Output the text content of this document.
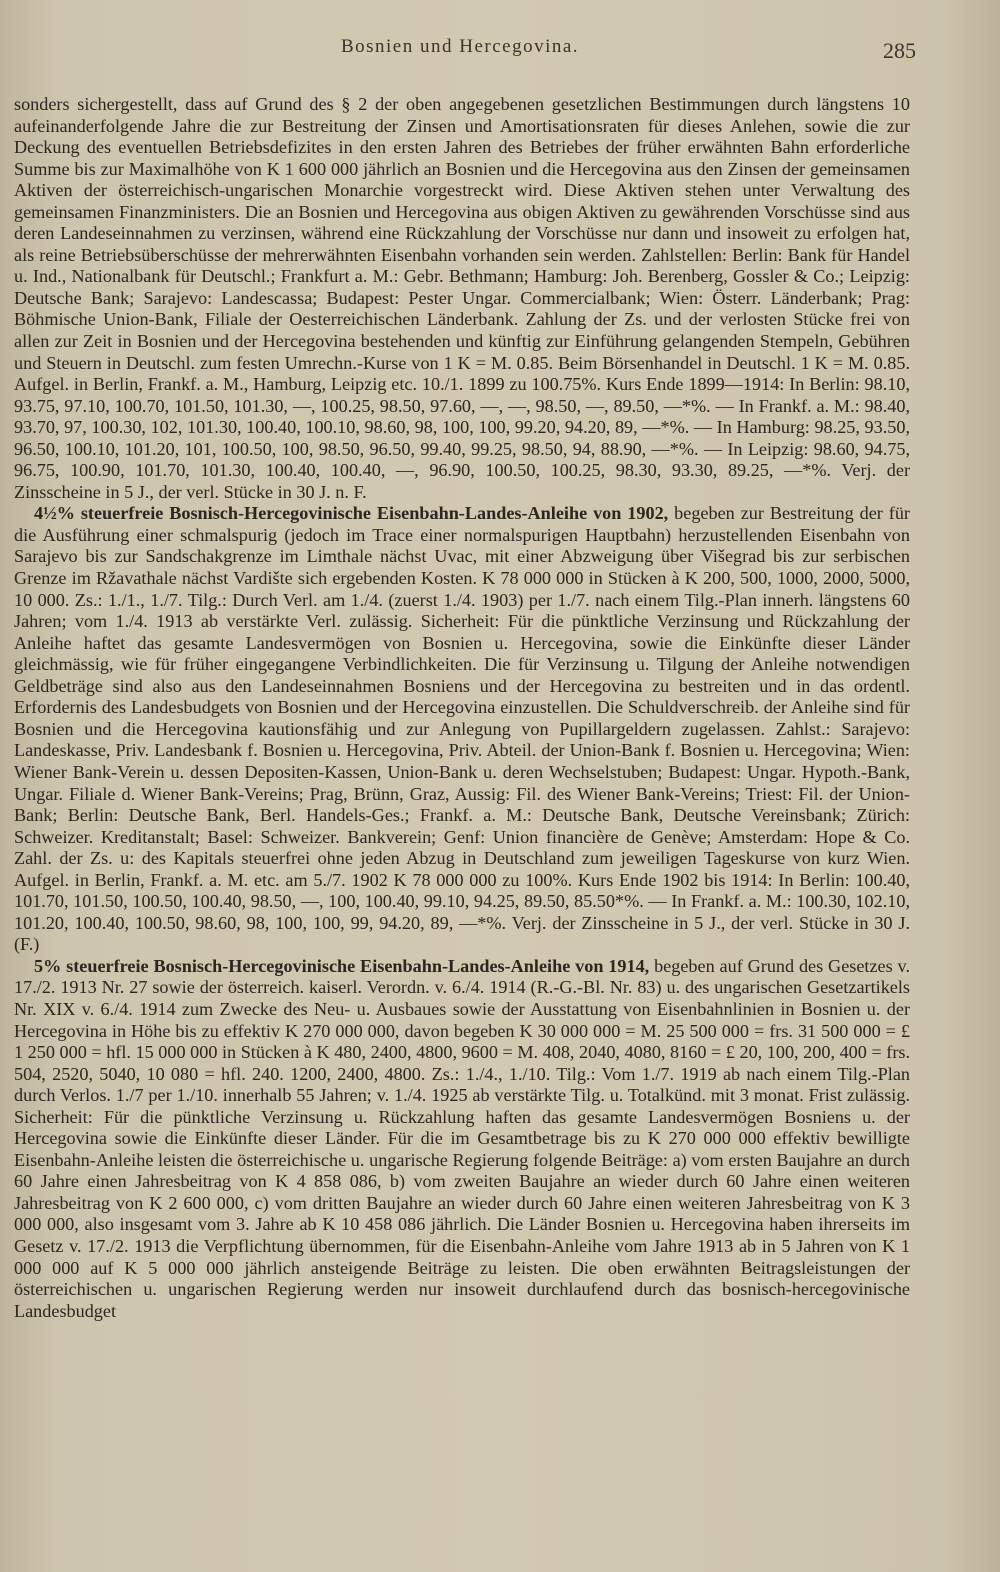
Bosnien und Hercegovina.	285

sonders sichergestellt, dass auf Grund des § 2 der oben angegebenen gesetzlichen Bestimmungen durch längstens 10 aufeinanderfolgende Jahre die zur Bestreitung der Zinsen und Amortisationsraten für dieses Anlehen, sowie die zur Deckung des eventuellen Betriebsdefizites in den ersten Jahren des Betriebes der früher erwähnten Bahn erforderliche Summe bis zur Maximalhöhe von K 1 600 000 jährlich an Bosnien und die Hercegovina aus den Zinsen der gemeinsamen Aktiven der österreichisch-ungarischen Monarchie vorgestreckt wird. Diese Aktiven stehen unter Verwaltung des gemeinsamen Finanzministers. Die an Bosnien und Hercegovina aus obigen Aktiven zu gewährenden Vorschüsse sind aus deren Landeseinnahmen zu verzinsen, während eine Rückzahlung der Vorschüsse nur dann und insoweit zu erfolgen hat, als reine Betriebsüberschüsse der mehrerwähnten Eisenbahn vorhanden sein werden. Zahlstellen: Berlin: Bank für Handel u. Ind., Nationalbank für Deutschl.; Frankfurt a. M.: Gebr. Bethmann; Hamburg: Joh. Berenberg, Gossler & Co.; Leipzig: Deutsche Bank; Sarajevo: Landescassa; Budapest: Pester Ungar. Commercialbank; Wien: Österr. Länderbank; Prag: Böhmische Union-Bank, Filiale der Oesterreichischen Länderbank. Zahlung der Zs. und der verlosten Stücke frei von allen zur Zeit in Bosnien und der Hercegovina bestehenden und künftig zur Einführung gelangenden Stempeln, Gebühren und Steuern in Deutschl. zum festen Umrechn.-Kurse von 1 K = M. 0.85. Beim Börsenhandel in Deutschl. 1 K = M. 0.85. Aufgel. in Berlin, Frankf. a. M., Hamburg, Leipzig etc. 10./1. 1899 zu 100.75%. Kurs Ende 1899—1914: In Berlin: 98.10, 93.75, 97.10, 100.70, 101.50, 101.30, —, 100.25, 98.50, 97.60, —, —, 98.50, —, 89.50, —*%. — In Frankf. a. M.: 98.40, 93.70, 97, 100.30, 102, 101.30, 100.40, 100.10, 98.60, 98, 100, 100, 99.20, 94.20, 89, —*%. — In Hamburg: 98.25, 93.50, 96.50, 100.10, 101.20, 101, 100.50, 100, 98.50, 96.50, 99.40, 99.25, 98.50, 94, 88.90, —*%. — In Leipzig: 98.60, 94.75, 96.75, 100.90, 101.70, 101.30, 100.40, 100.40, —, 96.90, 100.50, 100.25, 98.30, 93.30, 89.25, —*%. Verj. der Zinsscheine in 5 J., der verl. Stücke in 30 J. n. F.

4½% steuerfreie Bosnisch-Hercegovinische Eisenbahn-Landes-Anleihe von 1902, begeben zur Bestreitung der für die Ausführung einer schmalspurig (jedoch im Trace einer normalspurigen Hauptbahn) herzustellenden Eisenbahn von Sarajevo bis zur Sandschakgrenze im Limthale nächst Uvac, mit einer Abzweigung über Višegrad bis zur serbischen Grenze im Ržavathale nächst Vardište sich ergebenden Kosten. K 78 000 000 in Stücken à K 200, 500, 1000, 2000, 5000, 10 000. Zs.: 1./1., 1./7. Tilg.: Durch Verl. am 1./4. (zuerst 1./4. 1903) per 1./7. nach einem Tilg.-Plan innerh. längstens 60 Jahren; vom 1./4. 1913 ab verstärkte Verl. zulässig. Sicherheit: Für die pünktliche Verzinsung und Rückzahlung der Anleihe haftet das gesamte Landesvermögen von Bosnien u. Hercegovina, sowie die Einkünfte dieser Länder gleichmässig, wie für früher eingegangene Verbindlichkeiten. Die für Verzinsung u. Tilgung der Anleihe notwendigen Geldbeträge sind also aus den Landeseinnahmen Bosniens und der Hercegovina zu bestreiten und in das ordentl. Erfordernis des Landesbudgets von Bosnien und der Hercegovina einzustellen. Die Schuldverschreib. der Anleihe sind für Bosnien und die Hercegovina kautionsfähig und zur Anlegung von Pupillargeldern zugelassen. Zahlst.: Sarajevo: Landeskasse, Priv. Landesbank f. Bosnien u. Hercegovina, Priv. Abteil. der Union-Bank f. Bosnien u. Hercegovina; Wien: Wiener Bank-Verein u. dessen Depositen-Kassen, Union-Bank u. deren Wechselstuben; Budapest: Ungar. Hypoth.-Bank, Ungar. Filiale d. Wiener Bank-Vereins; Prag, Brünn, Graz, Aussig: Fil. des Wiener Bank-Vereins; Triest: Fil. der Union-Bank; Berlin: Deutsche Bank, Berl. Handels-Ges.; Frankf. a. M.: Deutsche Bank, Deutsche Vereinsbank; Zürich: Schweizer. Kreditanstalt; Basel: Schweizer. Bankverein; Genf: Union financière de Genève; Amsterdam: Hope & Co. Zahl. der Zs. u: des Kapitals steuerfrei ohne jeden Abzug in Deutschland zum jeweiligen Tageskurse von kurz Wien. Aufgel. in Berlin, Frankf. a. M. etc. am 5./7. 1902 K 78 000 000 zu 100%. Kurs Ende 1902 bis 1914: In Berlin: 100.40, 101.70, 101.50, 100.50, 100.40, 98.50, —, 100, 100.40, 99.10, 94.25, 89.50, 85.50*%. — In Frankf. a. M.: 100.30, 102.10, 101.20, 100.40, 100.50, 98.60, 98, 100, 100, 99, 94.20, 89, —*%. Verj. der Zinsscheine in 5 J., der verl. Stücke in 30 J. (F.)

5% steuerfreie Bosnisch-Hercegovinische Eisenbahn-Landes-Anleihe von 1914, begeben auf Grund des Gesetzes v. 17./2. 1913 Nr. 27 sowie der österreich. kaiserl. Verordn. v. 6./4. 1914 (R.-G.-Bl. Nr. 83) u. des ungarischen Gesetzartikels Nr. XIX v. 6./4. 1914 zum Zwecke des Neu- u. Ausbaues sowie der Ausstattung von Eisenbahnlinien in Bosnien u. der Hercegovina in Höhe bis zu effektiv K 270 000 000, davon begeben K 30 000 000 = M. 25 500 000 = frs. 31 500 000 = £ 1 250 000 = hfl. 15 000 000 in Stücken à K 480, 2400, 4800, 9600 = M. 408, 2040, 4080, 8160 = £ 20, 100, 200, 400 = frs. 504, 2520, 5040, 10 080 = hfl. 240. 1200, 2400, 4800. Zs.: 1./4., 1./10. Tilg.: Vom 1./7. 1919 ab nach einem Tilg.-Plan durch Verlos. 1./7 per 1./10. innerhalb 55 Jahren; v. 1./4. 1925 ab verstärkte Tilg. u. Totalkünd. mit 3 monat. Frist zulässig. Sicherheit: Für die pünktliche Verzinsung u. Rückzahlung haften das gesamte Landesvermögen Bosniens u. der Hercegovina sowie die Einkünfte dieser Länder. Für die im Gesamtbetrage bis zu K 270 000 000 effektiv bewilligte Eisenbahn-Anleihe leisten die österreichische u. ungarische Regierung folgende Beiträge: a) vom ersten Baujahre an durch 60 Jahre einen Jahresbeitrag von K 4 858 086, b) vom zweiten Baujahre an wieder durch 60 Jahre einen weiteren Jahresbeitrag von K 2 600 000, c) vom dritten Baujahre an wieder durch 60 Jahre einen weiteren Jahresbeitrag von K 3 000 000, also insgesamt vom 3. Jahre ab K 10 458 086 jährlich. Die Länder Bosnien u. Hercegovina haben ihrerseits im Gesetz v. 17./2. 1913 die Verpflichtung übernommen, für die Eisenbahn-Anleihe vom Jahre 1913 ab in 5 Jahren von K 1 000 000 auf K 5 000 000 jährlich ansteigende Beiträge zu leisten. Die oben erwähnten Beitragsleistungen der österreichischen u. ungarischen Regierung werden nur insoweit durchlaufend durch das bosnisch-hercegovinische Landesbudget
